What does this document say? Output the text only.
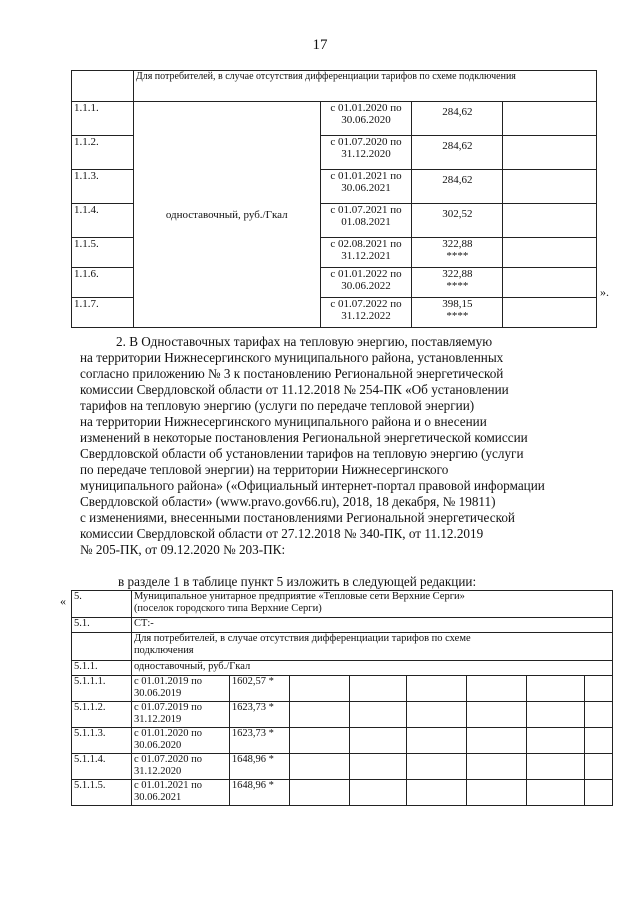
17
	Для потребителей, в случае отсутствия дифференциации тарифов по схеме подключения			
1.1.1.	одноставочный, руб./Гкал	с 01.01.2020 по
30.06.2020	284,62

1.1.2.		с 01.07.2020 по
31.12.2020	284,62

1.1.3.		с 01.01.2021 по
30.06.2021	284,62

1.1.4.		с 01.07.2021 по
01.08.2021	302,52

1.1.5.		с 02.08.2021 по
31.12.2021	322,88
****	
1.1.6.		с 01.01.2022 по
30.06.2022	322,88
****	
1.1.7.		с 01.07.2022 по
31.12.2022	398,15
****	
».
2. В Одноставочных тарифах на тепловую энергию, поставляемую
на территории Нижнесергинского муниципального района, установленных
согласно приложению № 3 к постановлению Региональной энергетической
комиссии Свердловской области от 11.12.2018 № 254-ПК «Об установлении
тарифов на тепловую энергию (услуги по передаче тепловой энергии)
на территории Нижнесергинского муниципального района и о внесении
изменений в некоторые постановления Региональной энергетической комиссии
Свердловской области об установлении тарифов на тепловую энергию (услуги
по передаче тепловой энергии) на территории Нижнесергинского
муниципального района» («Официальный интернет-портал правовой информации
Свердловской области» (www.pravo.gov66.ru), 2018, 18 декабря, № 19811)
с изменениями, внесенными постановлениями Региональной энергетической
комиссии Свердловской области от 27.12.2018 № 340-ПК, от 11.12.2019
№ 205-ПК, от 09.12.2020 № 203-ПК:
в разделе 1 в таблице пункт 5 изложить в следующей редакции:
« 5.	Муниципальное унитарное предприятие «Тепловые сети Верхние Серги»
(поселок городского типа Верхние Серги)							
5.1.	СТ:-							
	Для потребителей, в случае отсутствия дифференциации тарифов по схеме
подключения							
5.1.1.	одноставочный, руб./Гкал							
5.1.1.1.	с 01.01.2019 по
30.06.2019	1602,57 *						
5.1.1.2.	с 01.07.2019 по
31.12.2019	1623,73 *						
5.1.1.3.	с 01.01.2020 по
30.06.2020	1623,73 *						
5.1.1.4.	с 01.07.2020 по
31.12.2020	1648,96 *						
5.1.1.5.	с 01.01.2021 по
30.06.2021	1648,96 *						
